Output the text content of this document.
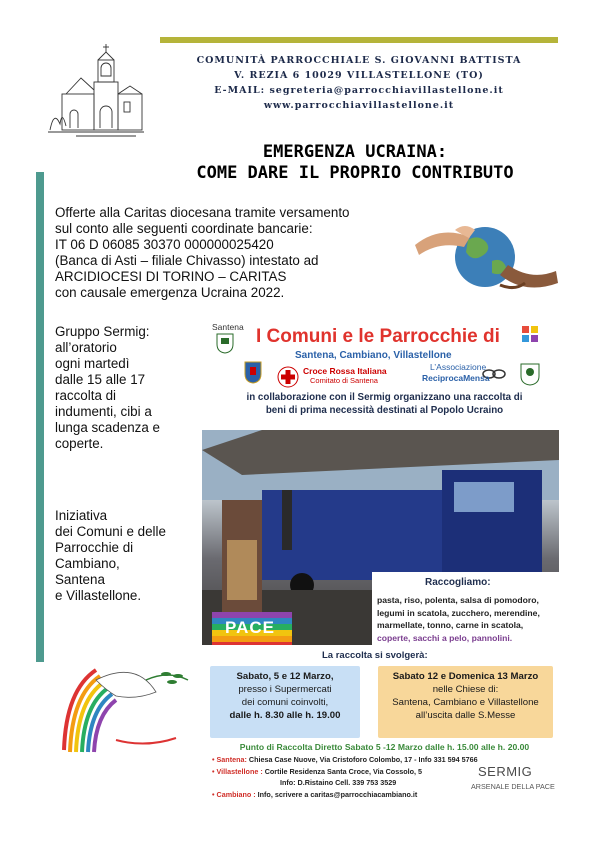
COMUNITÀ PARROCCHIALE S. GIOVANNI BATTISTA
V. REZIA 6 10029 VILLASTELLONE (TO)
E-MAIL: segreteria@parrocchiavillastellone.it
www.parrocchiavillastellone.it
EMERGENZA UCRAINA:
COME DARE IL PROPRIO CONTRIBUTO
Offerte alla Caritas diocesana tramite versamento
sul conto alle seguenti coordinate bancarie:
IT 06 D 06085 30370 000000025420
(Banca di Asti – filiale Chivasso) intestato ad
ARCIDIOCESI DI TORINO – CARITAS
con causale emergenza Ucraina 2022.
Gruppo Sermig:
all’oratorio
ogni martedì
dalle 15 alle 17
raccolta di
indumenti, cibi a
lunga scadenza e
coperte.
Iniziativa
dei Comuni e delle
Parrocchie di
Cambiano,
Santena
e Villastellone.
Santena I Comuni e le Parrocchie di
Santena, Cambiano, Villastellone
Croce Rossa Italiana
Comitato di Santena
L’Associazione
ReciprocaMensa
in collaborazione con il Sermig organizzano una raccolta di
beni di prima necessità destinati al Popolo Ucraino
Raccogliamo:
pasta, riso, polenta, salsa di pomodoro,
legumi in scatola, zucchero, merendine,
marmellate, tonno, carne in scatola,
coperte, sacchi a pelo, pannolini.
PACE
La raccolta si svolgerà:
Sabato, 5 e 12 Marzo,
presso i Supermercati
dei comuni coinvolti,
dalle h. 8.30 alle h. 19.00
Sabato 12 e Domenica 13 Marzo
nelle Chiese di:
Santena, Cambiano e Villastellone
all’uscita dalle S.Messe
Punto di Raccolta Diretto Sabato 5 -12 Marzo dalle h. 15.00 alle h. 20.00
• Santena: Chiesa Case Nuove, Via Cristoforo Colombo, 17 - Info 331 594 5766
• Villastellone : Cortile Residenza Santa Croce, Via Cossolo, 5
Info: D.Ristaino Cell. 339 753 3529
• Cambiano : Info, scrivere a caritas@parrocchiacambiano.it
SERMIG
ARSENALE DELLA PACE
